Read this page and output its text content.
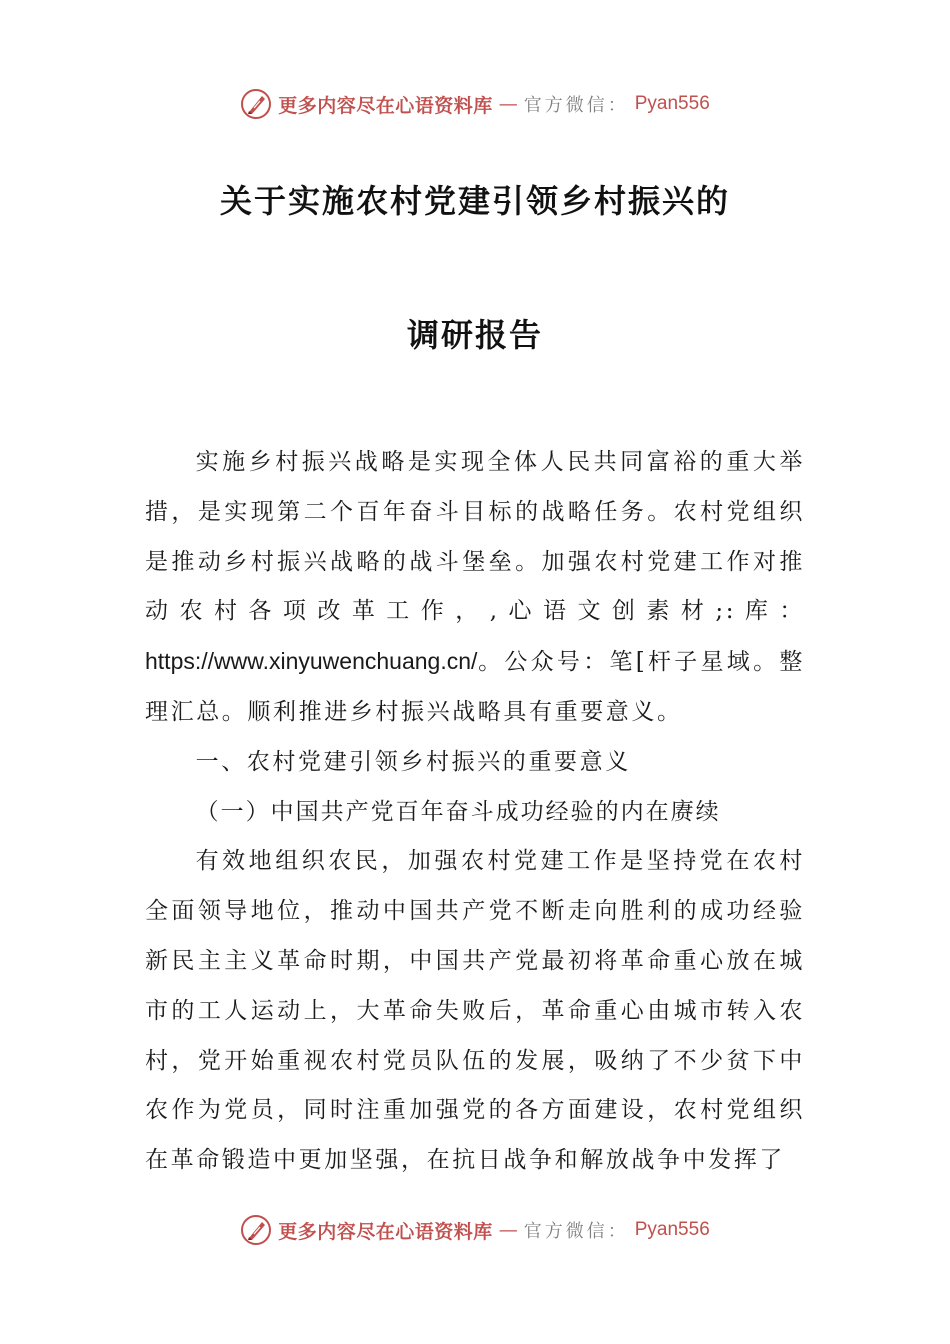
更多内容尽在心语资料库 — 官方微信： Pyan556
关于实施农村党建引领乡村振兴的
调研报告

实施乡村振兴战略是实现全体人民共同富裕的重大举措，是实现第二个百年奋斗目标的战略任务。农村党组织是推动乡村振兴战略的战斗堡垒。加强农村党建工作对推动农村各项改革工作，,心语文创素材;:库：https://www.xinyuwenchuang.cn/。公众号：笔[杆子星域。整理汇总。顺利推进乡村振兴战略具有重要意义。

一、农村党建引领乡村振兴的重要意义

（一）中国共产党百年奋斗成功经验的内在赓续

有效地组织农民，加强农村党建工作是坚持党在农村全面领导地位，推动中国共产党不断走向胜利的成功经验新民主主义革命时期，中国共产党最初将革命重心放在城市的工人运动上，大革命失败后，革命重心由城市转入农村，党开始重视农村党员队伍的发展，吸纳了不少贫下中农作为党员，同时注重加强党的各方面建设，农村党组织在革命锻造中更加坚强，在抗日战争和解放战争中发挥了

更多内容尽在心语资料库 — 官方微信： Pyan556
